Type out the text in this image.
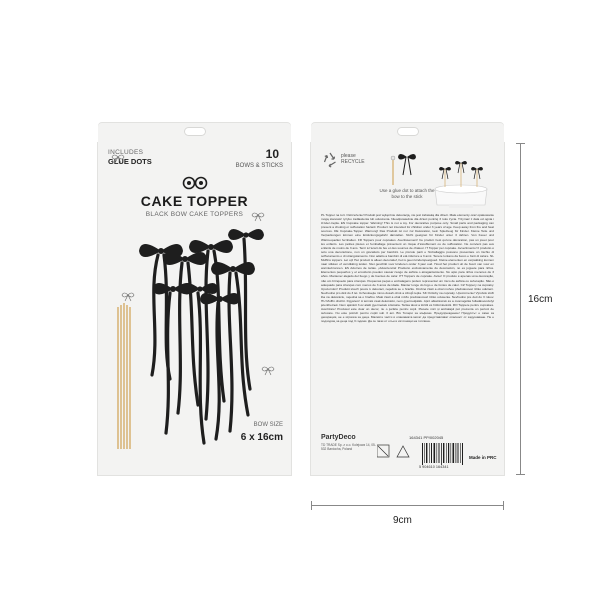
INCLUDES
GLUE DOTS
10
BOWS & STICKS
CAKE TOPPER
BLACK BOW CAKE TOPPERS
BOW SIZE
6 x 16cm
please RECYCLE
Use a glue dot to attach the bow to the stick
PL Topper na tort. Ostrzeżenie! Produkt jest wyłącznie dekoracją, nie jest zabawką dla dzieci. Małe elementy oraz opakowanie mogą stanowić ryzyko zadławienia lub uduszenia. Nieodpowiednie dla dzieci poniżej 3 roku życia. Trzymać z dala od ognia i źródeł ciepła. EN Cupcake topper. Warning! This is not a toy. For decorative purpose only. Small parts and packaging can present a choking or suffocation hazard. Product not intended for children under 3 years of age. Keep away from fire and heat sources. DE Cupcake-Topper. Warnung! Das Produkt ist nur zur Dekoration, kein Spielzeug für Kinder. Kleine Teile und Verpackungen können eine Erstickungsgefahr darstellen. Nicht geeignet für Kinder unter 3 Jahren. Von Feuer und Wärmequellen fernhalten. FR Toppers pour cupcakes. Avertissement! Ce produit n'est qu'une décoration, pas un jouet pour les enfants. Les petites pièces et l'emballage présentent un risque d'étouffement ou de suffocation. Ne convient pas aux enfants de moins de 3 ans. Tenir à l'écart du feu et des sources de chaleur. IT Topper per cupcake. Avvertimento! Il prodotto è solo una decorazione, non un giocattolo per bambini. Le piccole parti e l'imballaggio possono presentare un rischio di soffocamento o di strangolamento. Non adatto a bambini di età inferiore a 3 anni. Tenere lontano da fuoco e fonti di calore. NL Muffins toppers. Let op! Het product is alleen decoratief, het is geen kinderspeelgoed. Kleine elementen en verpakking kunnen naar stikken of verstikking leiden. Niet geschikt voor kinderen onder 3 jaar oud. Houd het product uit de buurt van vuur en warmtebronnen. ES Adornos de tartas. ¡Advertencia! Producto exclusivamente de decoración, no es juguete para niños. Elementos pequeños y el envoltorio pueden causar riesgo de asfixia o atragantamiento. No apto para niños menores de 3 años. Mantener alejado del fuego y de fuentes de calor. PT Toppers de cupcake. Aviso! O produto é apenas uma decoração, não um brinquedo para crianças. Pequenas peças e embalagens podem representar um risco de asfixia ou sufocação. Não é adequado para crianças com menos de 3 anos de idade. Manter longe do fogo e de fontes de calor. CZ Toppery na cupcaky. Upozornění! Produkt slouží pouze k dekoraci, nejedná se o hračku. Drobné části a obal mohou představovat riziko udušení. Nevhodné pro děti do 3 let. Uchovávejte mimo dosah ohně a zdrojů tepla. SK Ozdoby na cupcaky. Upozornenie! Výrobok slúži iba na dekoráciu, nejedná sa o hračku. Malé časti a obal môžu predstavovať riziko udusenia. Nevhodné pre deti do 3 rokov. HU Muffin díszítő. Figyelem! A termék csak dekoráció, nem gyermekjáték. Apró alkatrészek és a csomagolás fulladásveszélyt jelenthetnek. Nem ajánlott 3 év alatti gyermekek számára. Tartsa távol a tűztől és hőforrásoktól. RO Toppere pentru cupcakes. Avertizare! Produsul este doar un decor, nu o jucărie pentru copii. Piesele mici și ambalajul pot prezenta un pericol de sufocare. Nu este potrivit pentru copiii sub 3 ani. BG Топери за мъфини. Предупреждение! Продуктът е само за декорация, не е играчка за деца. Малките части и опаковката могат да представляват опасност от задушаване. Не е подходящ за деца под 3 години. Да се пази от огън и източници на топлина.
PartyDeco
TD TRADE Sp. z o.o. Kolejowa 14, 05-532 Baniocha, Poland
164341 PP/002045
5 904610 164341
Made in PRC
16cm
9cm
